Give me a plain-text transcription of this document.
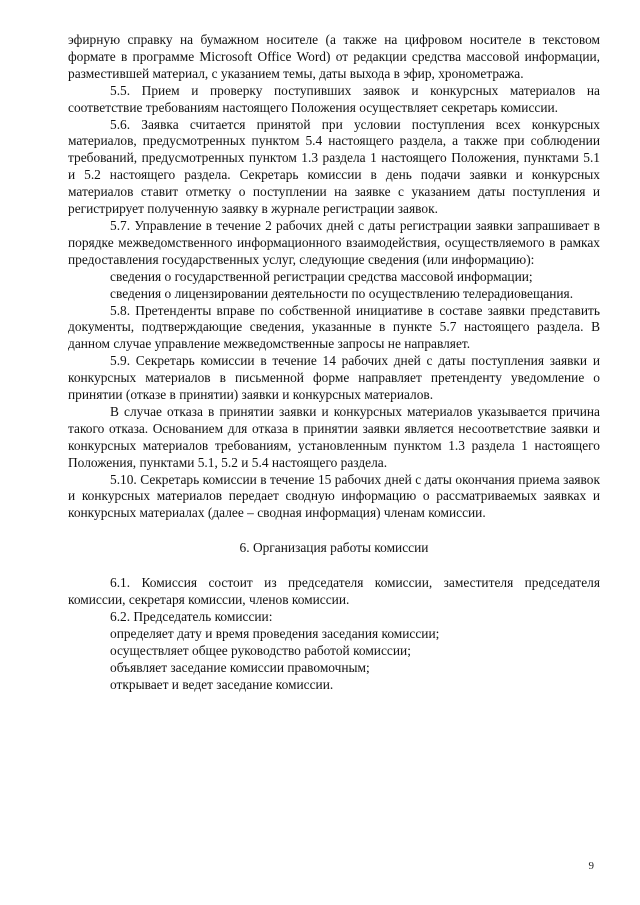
эфирную справку на бумажном носителе (а также на цифровом носителе в текстовом формате в программе Microsoft Office Word) от редакции средства массовой информации, разместившей материал, с указанием темы, даты выхода в эфир, хронометража.

5.5. Прием и проверку поступивших заявок и конкурсных материалов на соответствие требованиям настоящего Положения осуществляет секретарь комиссии.

5.6. Заявка считается принятой при условии поступления всех конкурсных материалов, предусмотренных пунктом 5.4 настоящего раздела, а также при соблюдении требований, предусмотренных пунктом 1.3 раздела 1 настоящего Положения, пунктами 5.1 и 5.2 настоящего раздела. Секретарь комиссии в день подачи заявки и конкурсных материалов ставит отметку о поступлении на заявке с указанием даты поступления и регистрирует полученную заявку в журнале регистрации заявок.

5.7. Управление в течение 2 рабочих дней с даты регистрации заявки запрашивает в порядке межведомственного информационного взаимодействия, осуществляемого в рамках предоставления государственных услуг, следующие сведения (или информацию):

сведения о государственной регистрации средства массовой информации;

сведения о лицензировании деятельности по осуществлению телерадиовещания.

5.8. Претенденты вправе по собственной инициативе в составе заявки представить документы, подтверждающие сведения, указанные в пункте 5.7 настоящего раздела. В данном случае управление межведомственные запросы не направляет.

5.9. Секретарь комиссии в течение 14 рабочих дней с даты поступления заявки и конкурсных материалов в письменной форме направляет претенденту уведомление о принятии (отказе в принятии) заявки и конкурсных материалов.

В случае отказа в принятии заявки и конкурсных материалов указывается причина такого отказа. Основанием для отказа в принятии заявки является несоответствие заявки и конкурсных материалов требованиям, установленным пунктом 1.3 раздела 1 настоящего Положения, пунктами 5.1, 5.2 и 5.4 настоящего раздела.

5.10. Секретарь комиссии в течение 15 рабочих дней с даты окончания приема заявок и конкурсных материалов передает сводную информацию о рассматриваемых заявках и конкурсных материалах (далее – сводная информация) членам комиссии.

6. Организация работы комиссии

6.1. Комиссия состоит из председателя комиссии, заместителя председателя комиссии, секретаря комиссии, членов комиссии.

6.2. Председатель комиссии:

определяет дату и время проведения заседания комиссии;

осуществляет общее руководство работой комиссии;

объявляет заседание комиссии правомочным;

открывает и ведет заседание комиссии.

9
